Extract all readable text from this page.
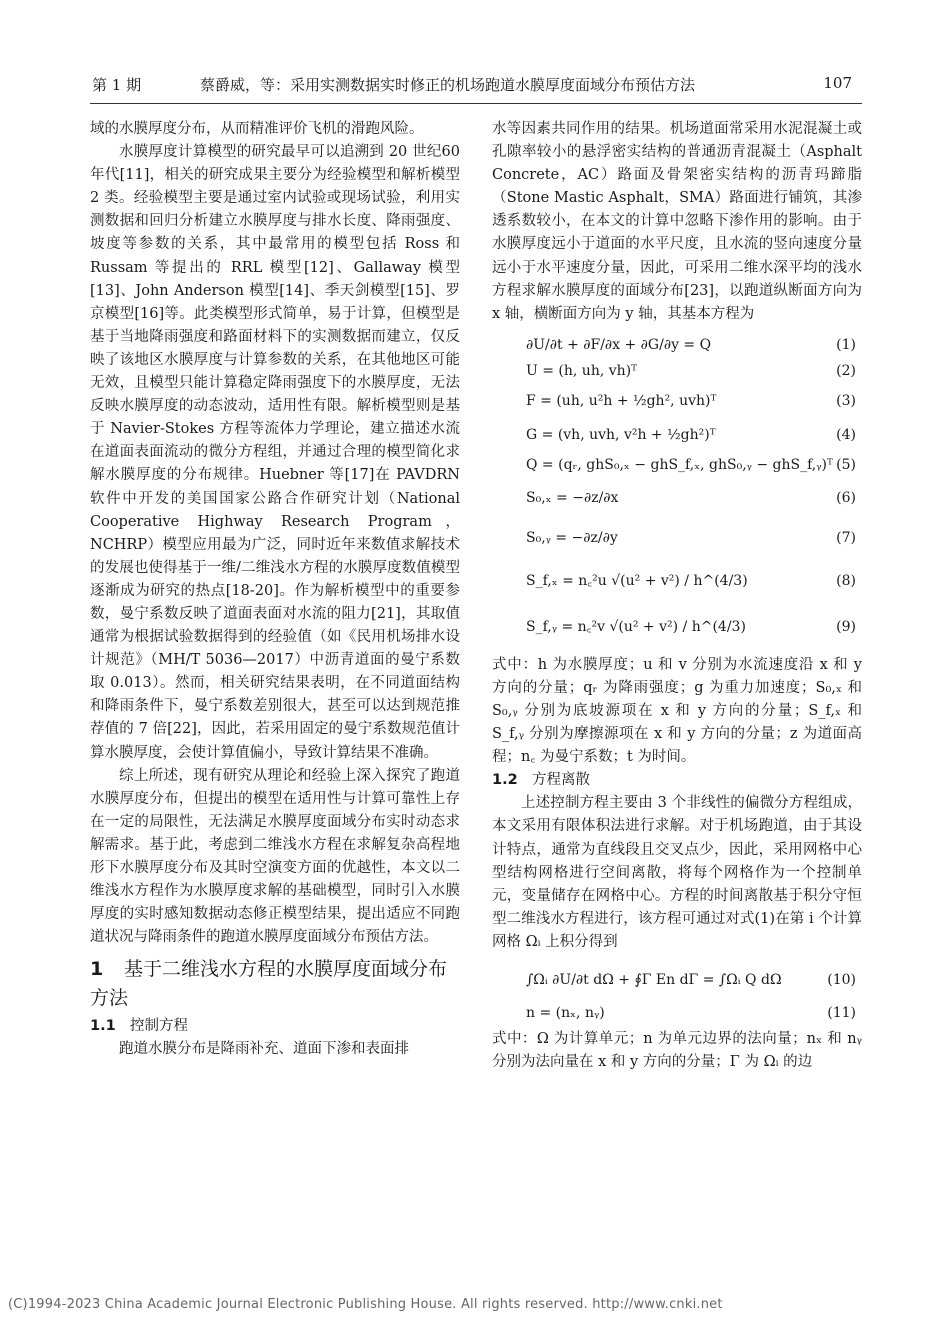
第 1 期	蔡爵威，等：采用实测数据实时修正的机场跑道水膜厚度面域分布预估方法	107

域的水膜厚度分布，从而精准评价飞机的滑跑风险。

水膜厚度计算模型的研究最早可以追溯到 20 世纪60 年代[11]，相关的研究成果主要分为经验模型和解析模型 2 类。经验模型主要是通过室内试验或现场试验，利用实测数据和回归分析建立水膜厚度与排水长度、降雨强度、坡度等参数的关系，其中最常用的模型包括 Ross 和 Russam 等提出的 RRL 模型[12]、Gallaway 模型[13]、John Anderson 模型[14]、季天剑模型[15]、罗京模型[16]等。此类模型形式简单，易于计算，但模型是基于当地降雨强度和路面材料下的实测数据而建立，仅反映了该地区水膜厚度与计算参数的关系，在其他地区可能无效，且模型只能计算稳定降雨强度下的水膜厚度，无法反映水膜厚度的动态波动，适用性有限。解析模型则是基于 Navier-Stokes 方程等流体力学理论，建立描述水流在道面表面流动的微分方程组，并通过合理的模型简化求解水膜厚度的分布规律。Huebner 等[17]在 PAVDRN 软件中开发的美国国家公路合作研究计划（National Cooperative Highway Research Program，NCHRP）模型应用最为广泛，同时近年来数值求解技术的发展也使得基于一维/二维浅水方程的水膜厚度数值模型逐渐成为研究的热点[18-20]。作为解析模型中的重要参数，曼宁系数反映了道面表面对水流的阻力[21]，其取值通常为根据试验数据得到的经验值（如《民用机场排水设计规范》（MH/T 5036—2017）中沥青道面的曼宁系数取 0.013）。然而，相关研究结果表明，在不同道面结构和降雨条件下，曼宁系数差别很大，甚至可以达到规范推荐值的 7 倍[22]，因此，若采用固定的曼宁系数规范值计算水膜厚度，会使计算值偏小，导致计算结果不准确。

综上所述，现有研究从理论和经验上深入探究了跑道水膜厚度分布，但提出的模型在适用性与计算可靠性上存在一定的局限性，无法满足水膜厚度面域分布实时动态求解需求。基于此，考虑到二维浅水方程在求解复杂高程地形下水膜厚度分布及其时空演变方面的优越性，本文以二维浅水方程作为水膜厚度求解的基础模型，同时引入水膜厚度的实时感知数据动态修正模型结果，提出适应不同跑道状况与降雨条件的跑道水膜厚度面域分布预估方法。

1 基于二维浅水方程的水膜厚度面域分布方法
1.1 控制方程

跑道水膜分布是降雨补充、道面下渗和表面排

水等因素共同作用的结果。机场道面常采用水泥混凝土或孔隙率较小的悬浮密实结构的普通沥青混凝土（Asphalt Concrete，AC）路面及骨架密实结构的沥青玛蹄脂（Stone Mastic Asphalt，SMA）路面进行铺筑，其渗透系数较小，在本文的计算中忽略下渗作用的影响。由于水膜厚度远小于道面的水平尺度，且水流的竖向速度分量远小于水平速度分量，因此，可采用二维水深平均的浅水方程求解水膜厚度的面域分布[23]，以跑道纵断面方向为 x 轴，横断面方向为 y 轴，其基本方程为

∂U/∂t + ∂F/∂x + ∂G/∂y = Q	(1)
U = (h, uh, vh)ᵀ	(2)
F = (uh, u²h + ½gh², uvh)ᵀ	(3)
G = (vh, uvh, v²h + ½gh²)ᵀ	(4)
Q = (qᵣ, ghS₀,ₓ − ghS_f,ₓ, ghS₀,ᵧ − ghS_f,ᵧ)ᵀ (5)
S₀,ₓ = −∂z/∂x	(6)
S₀,ᵧ = −∂z/∂y	(7)
S_f,ₓ = n꜀²u √(u² + v²) / h^(4/3)	(8)
S_f,ᵧ = n꜀²v √(u² + v²) / h^(4/3)	(9)

式中：h 为水膜厚度；u 和 v 分别为水流速度沿 x 和 y 方向的分量；qᵣ 为降雨强度；g 为重力加速度；S₀,ₓ 和 S₀,ᵧ 分别为底坡源项在 x 和 y 方向的分量；S_f,ₓ 和 S_f,ᵧ 分别为摩擦源项在 x 和 y 方向的分量；z 为道面高程；n꜀ 为曼宁系数；t 为时间。

1.2 方程离散

上述控制方程主要由 3 个非线性的偏微分方程组成，本文采用有限体积法进行求解。对于机场跑道，由于其设计特点，通常为直线段且交叉点少，因此，采用网格中心型结构网格进行空间离散，将每个网格作为一个控制单元，变量储存在网格中心。方程的时间离散基于积分守恒型二维浅水方程进行，该方程可通过对式(1)在第 i 个计算网格 Ωᵢ 上积分得到

∫Ωᵢ ∂U/∂t dΩ + ∮Γ En dΓ = ∫Ωᵢ Q dΩ	(10)
n = (nₓ, nᵧ)	(11)

式中：Ω 为计算单元；n 为单元边界的法向量；nₓ 和 nᵧ 分别为法向量在 x 和 y 方向的分量；Γ 为 Ωᵢ 的边

(C)1994-2023 China Academic Journal Electronic Publishing House. All rights reserved. http://www.cnki.net
